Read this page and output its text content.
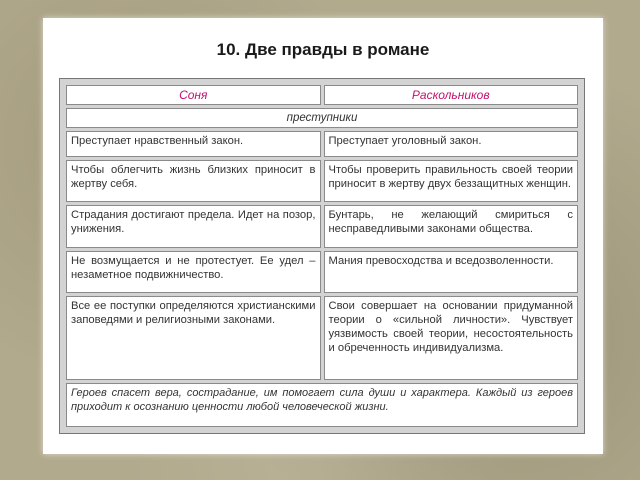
10. Две правды в романе
Соня	Раскольников
преступники	
Преступает нравственный закон.	Преступает уголовный закон.
Чтобы облегчить жизнь близких приносит в жертву себя.	Чтобы проверить правильность своей теории приносит в жертву двух беззащитных женщин.
Страдания достигают предела. Идет на позор, унижения.	Бунтарь, не желающий смириться с несправедливыми законами общества.
Не возмущается и не протестует. Ее удел – незаметное подвижничество.	Мания превосходства и вседозволенности.
Все ее поступки определяются христианскими заповедями и религиозными законами.	Свои совершает на основании придуманной теории о «сильной личности». Чувствует уязвимость своей теории, несостоятельность и обреченность индивидуализма.
Героев спасет вера, сострадание, им помогает сила души и характера. Каждый из героев приходит к осознанию ценности любой человеческой жизни.	
